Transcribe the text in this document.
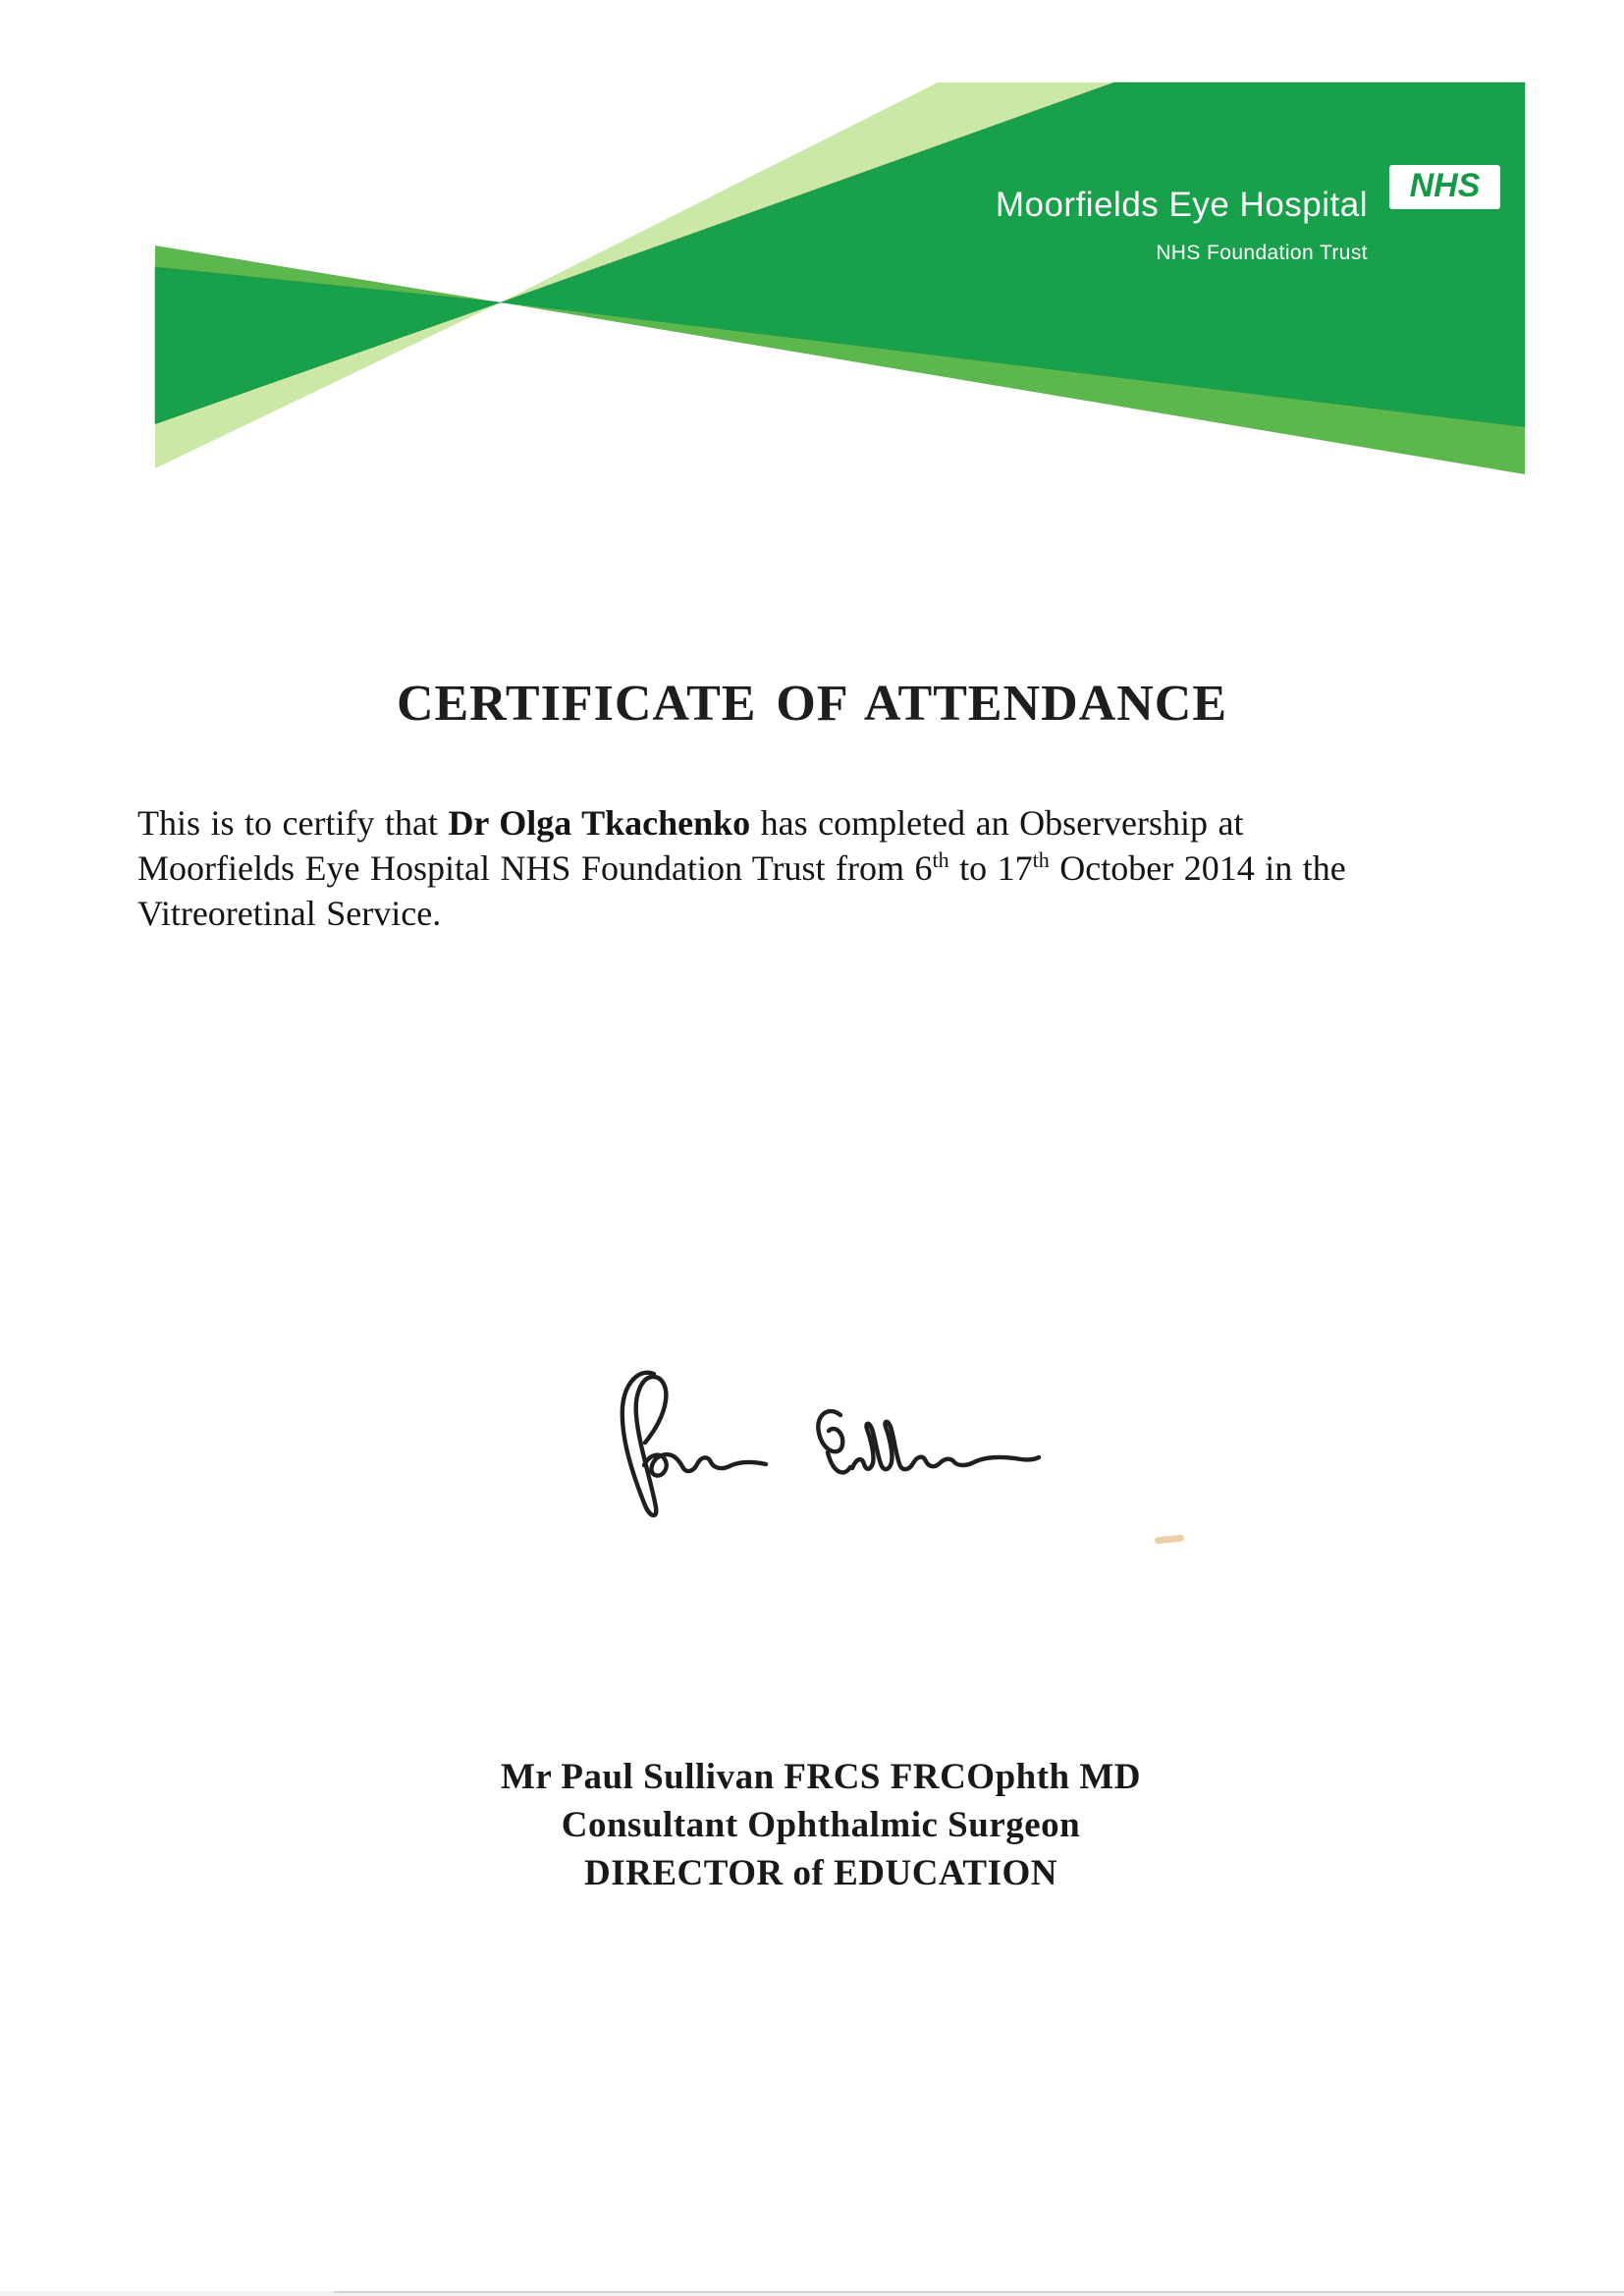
Moorfields Eye Hospital
NHS Foundation Trust
NHS
CERTIFICATE OF ATTENDANCE
This is to certify that Dr Olga Tkachenko has completed an Observership at
Moorfields Eye Hospital NHS Foundation Trust from 6th to 17th October 2014 in the
Vitreoretinal Service.
Mr Paul Sullivan FRCS FRCOphth MD
Consultant Ophthalmic Surgeon
DIRECTOR of EDUCATION
